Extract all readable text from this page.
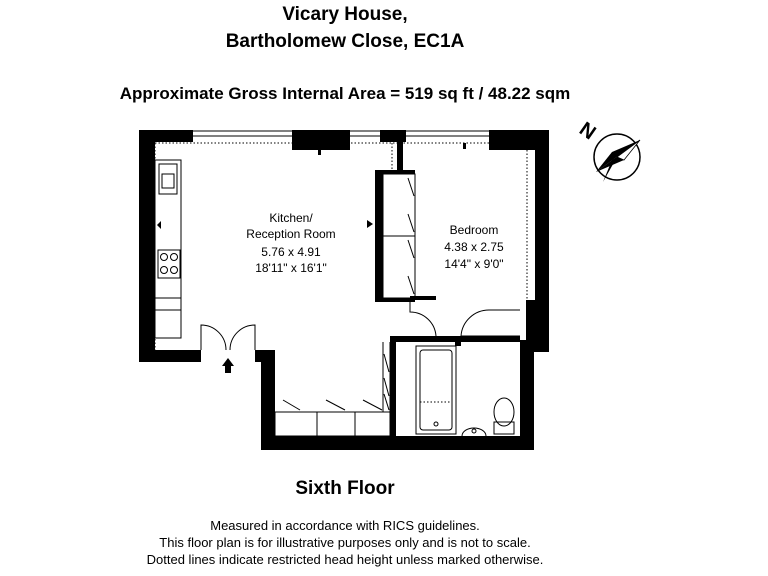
Vicary House,
Bartholomew Close, EC1A
Approximate Gross Internal Area = 519 sq ft / 48.22 sqm
N
Kitchen/
Reception Room
5.76 x 4.91
18'11" x 16'1"
Bedroom
4.38 x 2.75
14'4" x 9'0"
Sixth Floor
Measured in accordance with RICS guidelines.
This floor plan is for illustrative purposes only and is not to scale.
Dotted lines indicate restricted head height unless marked otherwise.
